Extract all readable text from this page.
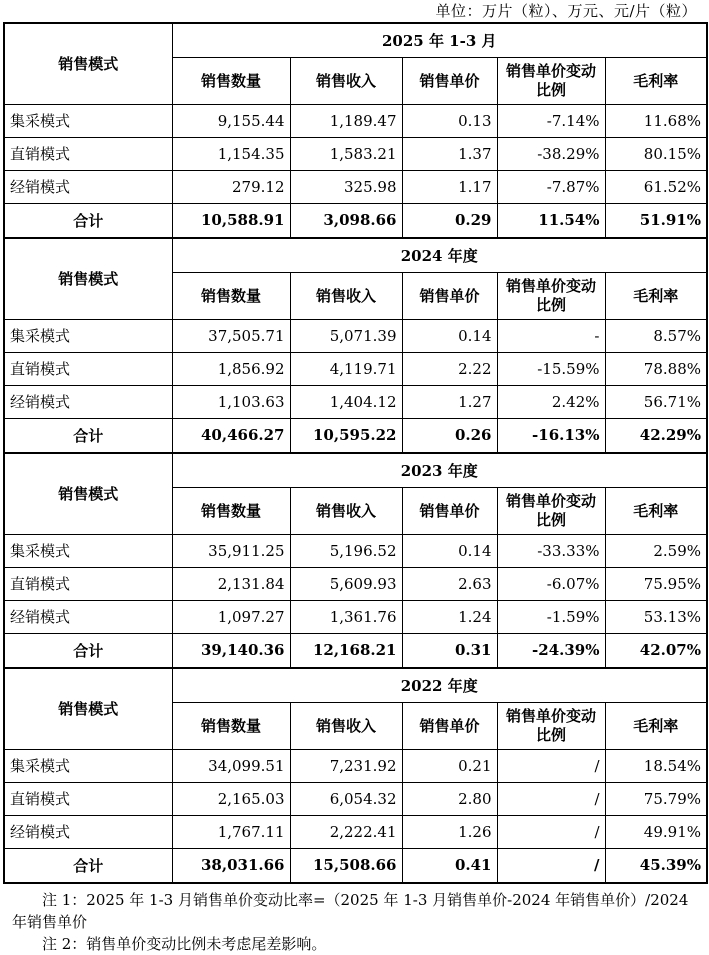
单位：万片（粒）、万元、元/片（粒）
销售模式	2025 年 1-3 月				
	销售数量	销售收入	销售单价	销售单价变动比例	毛利率
集采模式	9,155.44	1,189.47	0.13	-7.14%	11.68%
直销模式	1,154.35	1,583.21	1.37	-38.29%	80.15%
经销模式	279.12	325.98	1.17	-7.87%	61.52%
合计	10,588.91	3,098.66	0.29	11.54%	51.91%
销售模式	2024 年度				
	销售数量	销售收入	销售单价	销售单价变动比例	毛利率
集采模式	37,505.71	5,071.39	0.14	-	8.57%
直销模式	1,856.92	4,119.71	2.22	-15.59%	78.88%
经销模式	1,103.63	1,404.12	1.27	2.42%	56.71%
合计	40,466.27	10,595.22	0.26	-16.13%	42.29%
销售模式	2023 年度				
	销售数量	销售收入	销售单价	销售单价变动比例	毛利率
集采模式	35,911.25	5,196.52	0.14	-33.33%	2.59%
直销模式	2,131.84	5,609.93	2.63	-6.07%	75.95%
经销模式	1,097.27	1,361.76	1.24	-1.59%	53.13%
合计	39,140.36	12,168.21	0.31	-24.39%	42.07%
销售模式	2022 年度				
	销售数量	销售收入	销售单价	销售单价变动比例	毛利率
集采模式	34,099.51	7,231.92	0.21	/	18.54%
直销模式	2,165.03	6,054.32	2.80	/	75.79%
经销模式	1,767.11	2,222.41	1.26	/	49.91%
合计	38,031.66	15,508.66	0.41	/	45.39%
注 1：2025 年 1-3 月销售单价变动比率=（2025 年 1-3 月销售单价-2024 年销售单价）/2024 年销售单价
注 2：销售单价变动比例未考虑尾差影响。
